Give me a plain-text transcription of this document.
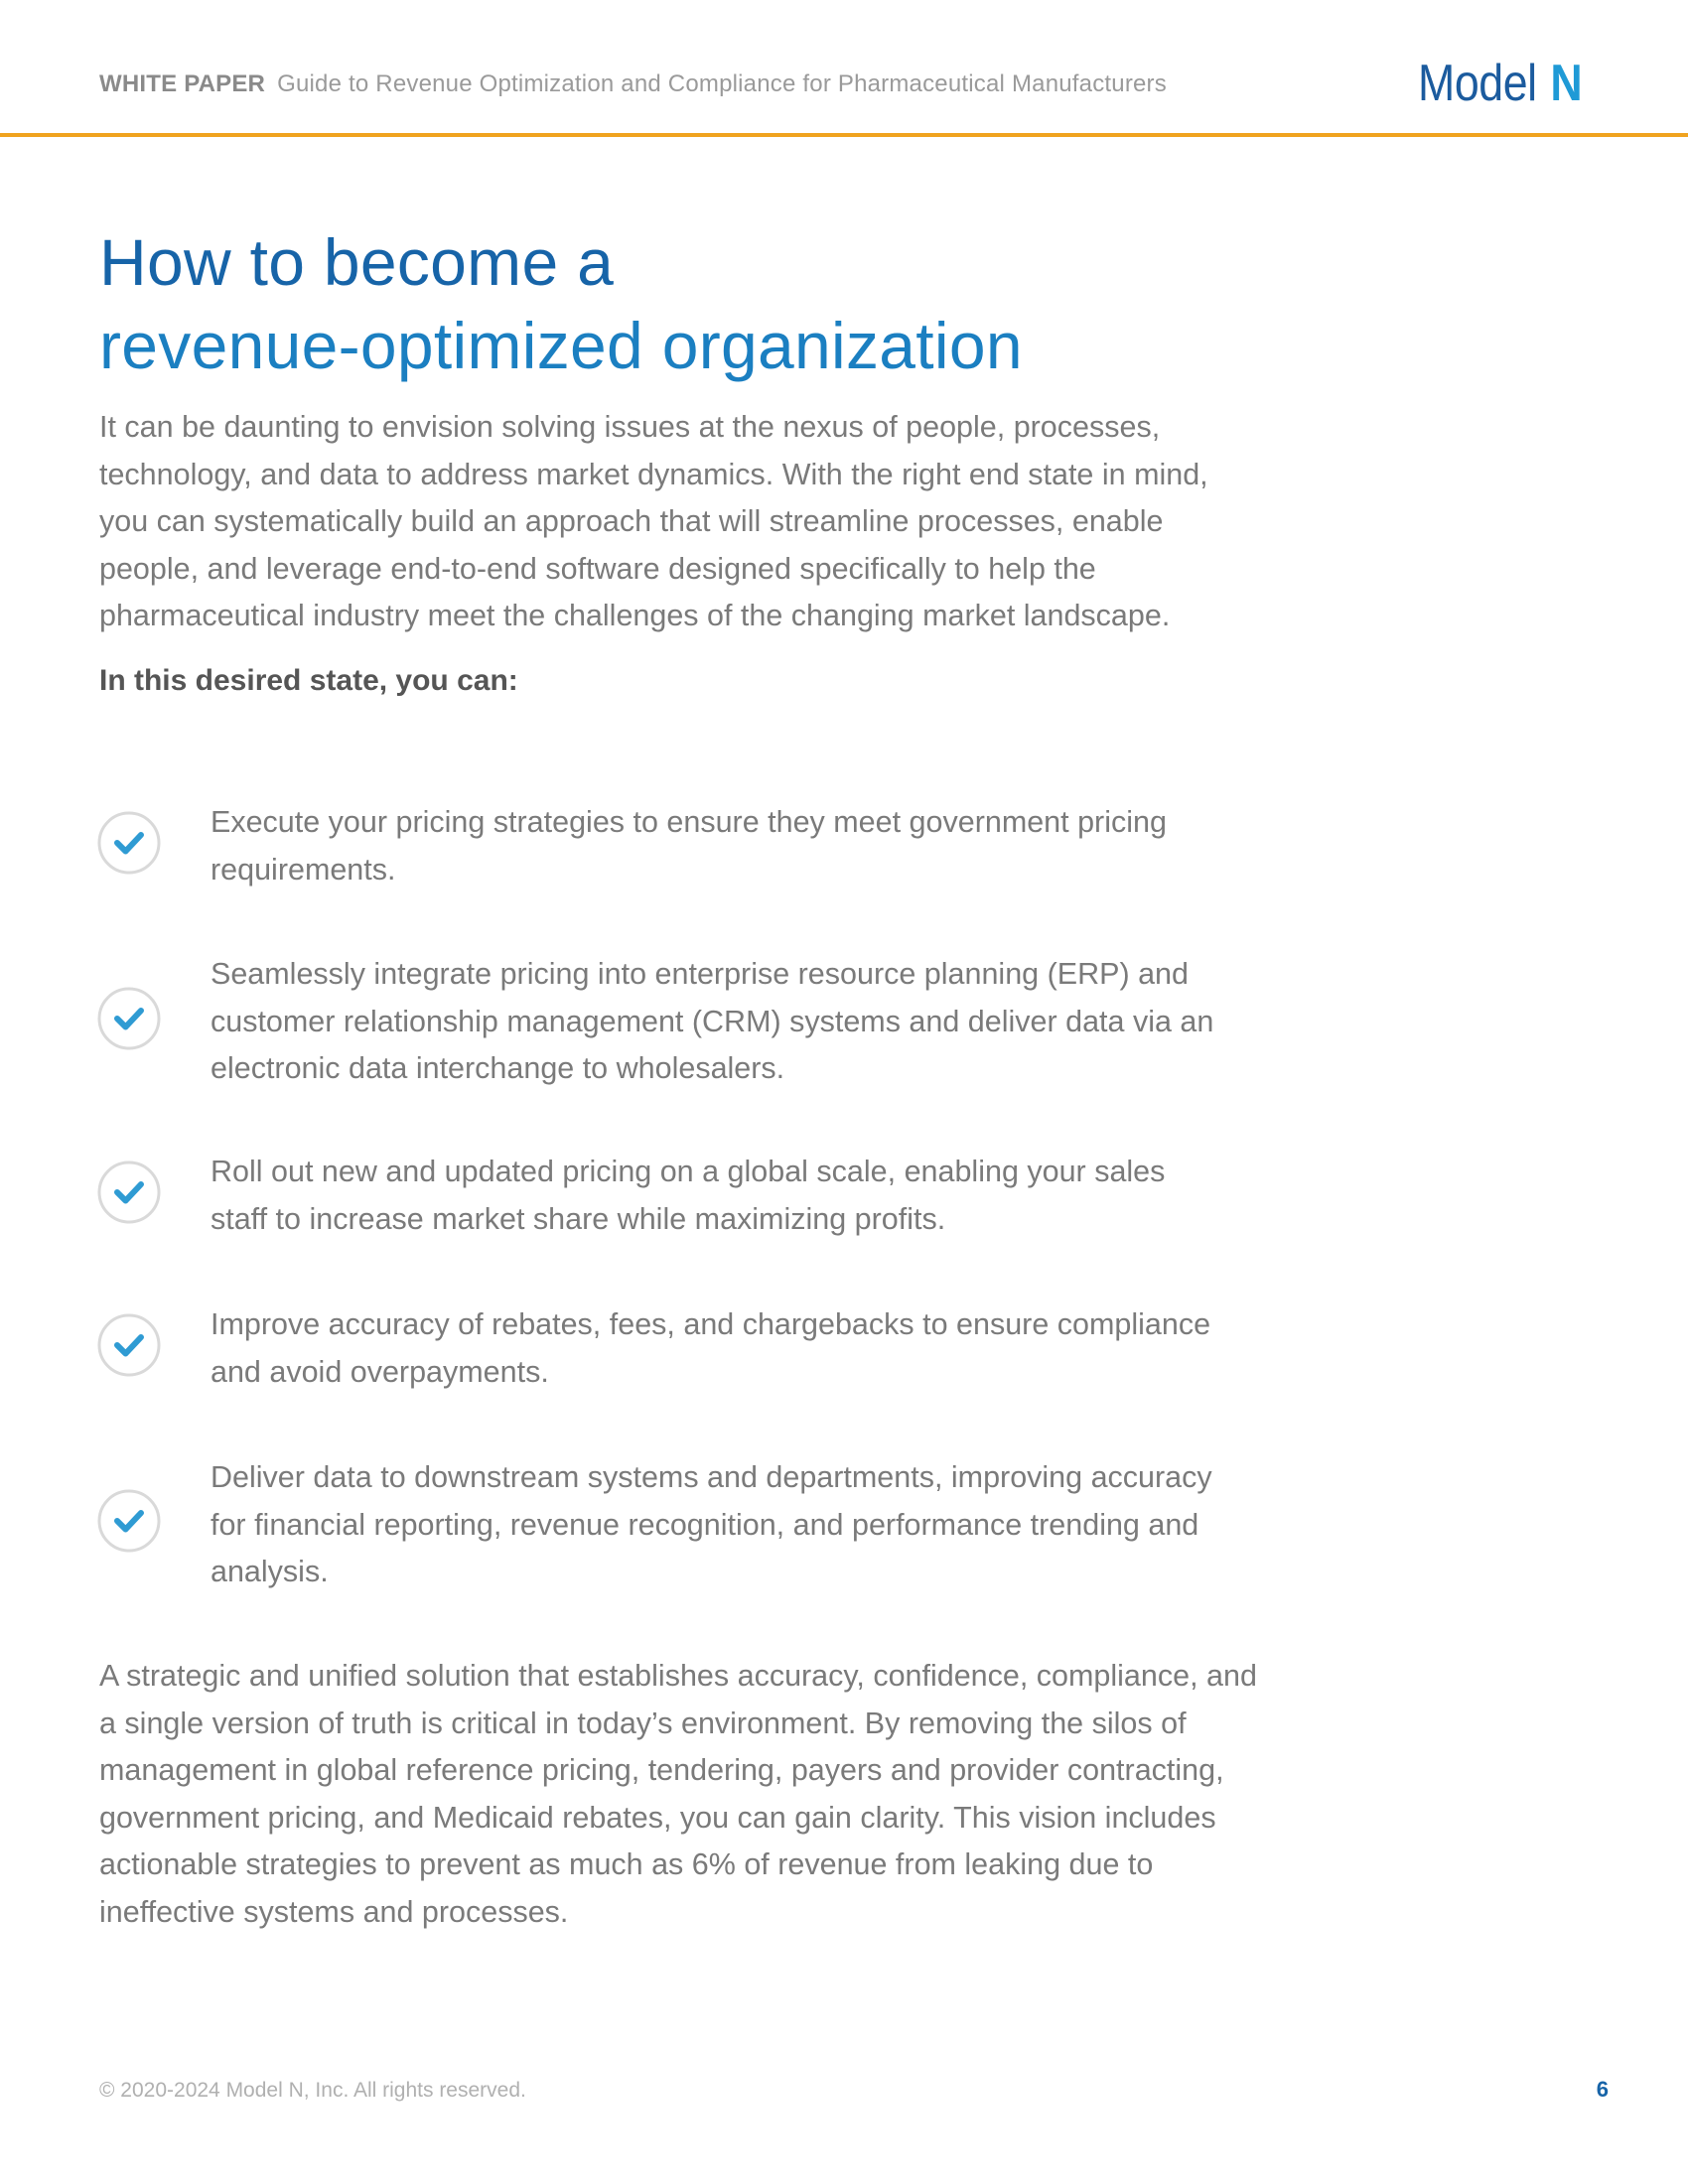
WHITE PAPER Guide to Revenue Optimization and Compliance for Pharmaceutical Manufacturers	Model N
How to become a
revenue-optimized organization

It can be daunting to envision solving issues at the nexus of people, processes, technology, and data to address market dynamics. With the right end state in mind, you can systematically build an approach that will streamline processes, enable people, and leverage end-to-end software designed specifically to help the pharmaceutical industry meet the challenges of the changing market landscape.

In this desired state, you can:

Execute your pricing strategies to ensure they meet government pricing requirements.

Seamlessly integrate pricing into enterprise resource planning (ERP) and customer relationship management (CRM) systems and deliver data via an electronic data interchange to wholesalers.

Roll out new and updated pricing on a global scale, enabling your sales staff to increase market share while maximizing profits.

Improve accuracy of rebates, fees, and chargebacks to ensure compliance and avoid overpayments.

Deliver data to downstream systems and departments, improving accuracy for financial reporting, revenue recognition, and performance trending and analysis.

A strategic and unified solution that establishes accuracy, confidence, compliance, and a single version of truth is critical in today’s environment. By removing the silos of management in global reference pricing, tendering, payers and provider contracting, government pricing, and Medicaid rebates, you can gain clarity. This vision includes actionable strategies to prevent as much as 6% of revenue from leaking due to ineffective systems and processes.

© 2020-2024 Model N, Inc. All rights reserved.	6
